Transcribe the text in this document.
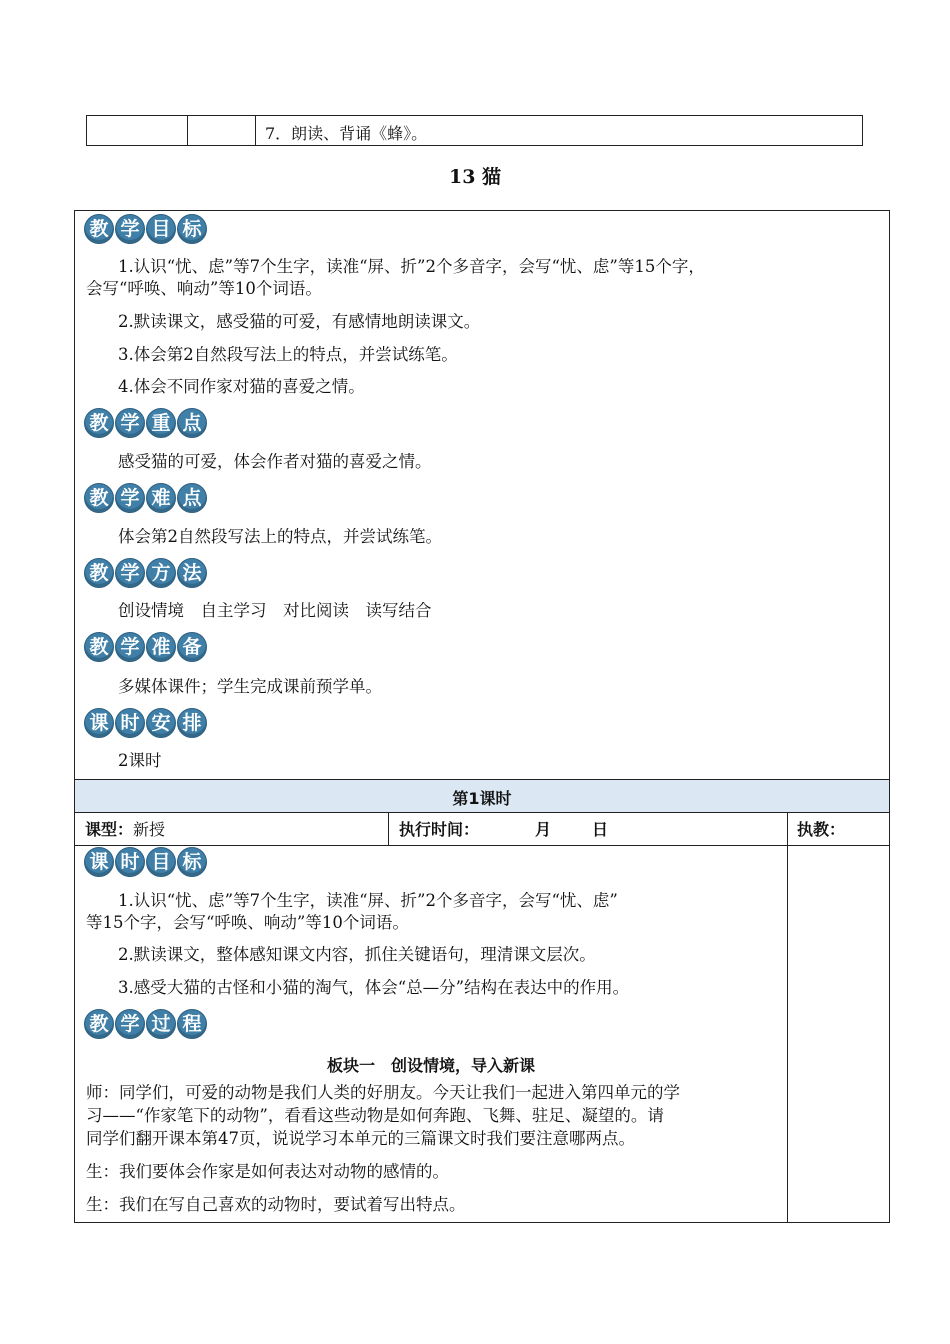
7．朗读、背诵《蜂》。
13 猫
教 学 目 标
1.认识“忧、虑”等7个生字，读准“屏、折”2个多音字，会写“忧、虑”等15个字，
会写“呼唤、响动”等10个词语。
2.默读课文，感受猫的可爱，有感情地朗读课文。
3.体会第2自然段写法上的特点，并尝试练笔。
4.体会不同作家对猫的喜爱之情。
教 学 重 点
感受猫的可爱，体会作者对猫的喜爱之情。
教 学 难 点
体会第2自然段写法上的特点，并尝试练笔。
教 学 方 法
创设情境　自主学习　对比阅读　读写结合
教 学 准 备
多媒体课件；学生完成课前预学单。
课 时 安 排
2课时
第1课时
课型：新授	执行时间：	月	日	执教：
课 时 目 标
1.认识“忧、虑”等7个生字，读准“屏、折”2个多音字，会写“忧、虑”
等15个字，会写“呼唤、响动”等10个词语。
2.默读课文，整体感知课文内容，抓住关键语句，理清课文层次。
3.感受大猫的古怪和小猫的淘气，体会“总—分”结构在表达中的作用。
教 学 过 程
板块一　创设情境，导入新课
师：同学们，可爱的动物是我们人类的好朋友。今天让我们一起进入第四单元的学
习——“作家笔下的动物”，看看这些动物是如何奔跑、飞舞、驻足、凝望的。请
同学们翻开课本第47页，说说学习本单元的三篇课文时我们要注意哪两点。
生：我们要体会作家是如何表达对动物的感情的。
生：我们在写自己喜欢的动物时，要试着写出特点。
